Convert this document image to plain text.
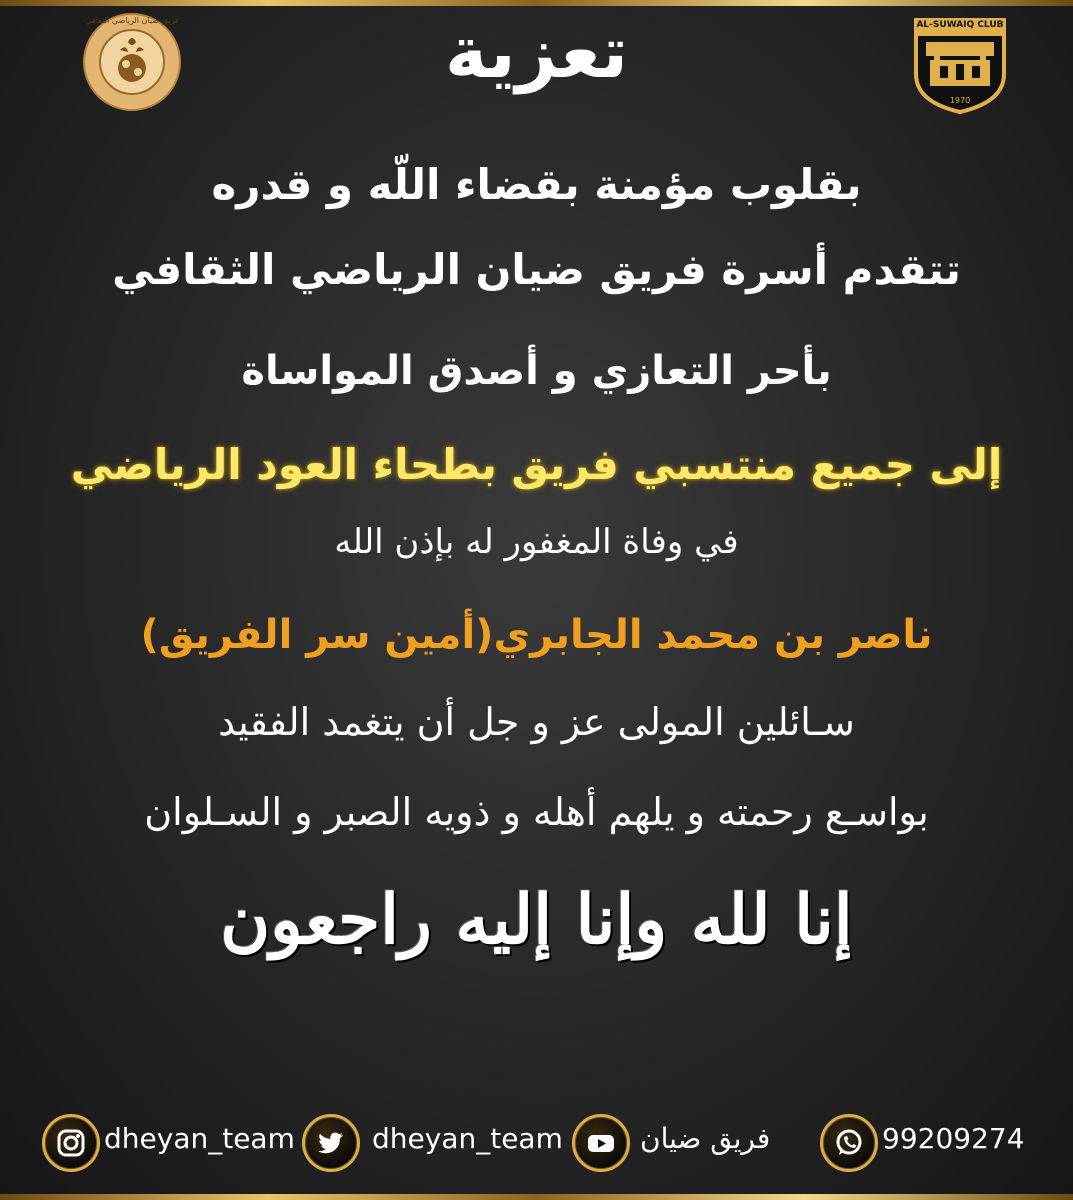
AL-SUWAIQ CLUB
1970
فريق ضيان الرياضي الثقافي	تعزية
بقلوب مؤمنة بقضاء اللّه و قدره
تتقدم أسرة فريق ضيان الرياضي الثقافي
بأحر التعازي و أصدق المواساة
إلى جميع منتسبي فريق بطحاء العود الرياضي
في وفاة المغفور له بإذن الله
ناصر بن محمد الجابري(أمين سر الفريق)
سـائلين المولى عز و جل أن يتغمد الفقيد
بواسـع رحمته و يلهم أهله و ذويه الصبر و السـلوان
إنا لله وإنا إليه راجعون
dheyan_team	dheyan_team	فريق ضيان	99209274
